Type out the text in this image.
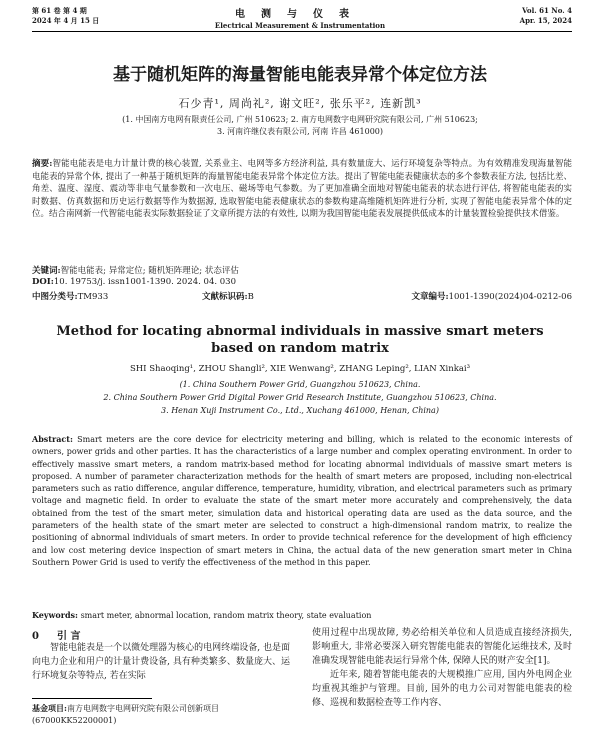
第 61 卷 第 4 期
2024 年 4 月 15 日
电测与仪表
Electrical Measurement & Instrumentation
Vol. 61 No. 4
Apr. 15, 2024
基于随机矩阵的海量智能电能表异常个体定位方法
石少青¹, 周尚礼², 谢文旺², 张乐平², 连新凯³
(1. 中国南方电网有限责任公司, 广州 510623; 2. 南方电网数字电网研究院有限公司, 广州 510623;
3. 河南许继仪表有限公司, 河南 许昌 461000)
摘要:智能电能表是电力计量计费的核心装置, 关系业主、电网等多方经济利益, 具有数量庞大、运行环境复杂等特点。为有效精准发现海量智能电能表的异常个体, 提出了一种基于随机矩阵的海量智能电能表异常个体定位方法。提出了智能电能表健康状态的多个参数表征方法, 包括比差、角差、温度、湿度、震动等非电气量参数和一次电压、磁场等电气参数。为了更加准确全面地对智能电能表的状态进行评估, 将智能电能表的实时数据、仿真数据和历史运行数据等作为数据源, 选取智能电能表健康状态的参数构建高维随机矩阵进行分析, 实现了智能电能表异常个体的定位。结合南网新一代智能电能表实际数据验证了文章所提方法的有效性, 以期为我国智能电能表发展提供低成本的计量装置检验提供技术借鉴。
关键词:智能电能表; 异常定位; 随机矩阵理论; 状态评估
DOI:10. 19753/j. issn1001-1390. 2024. 04. 030
中图分类号:TM933	文献标识码:B	文章编号:1001-1390(2024)04-0212-06
Method for locating abnormal individuals in massive smart meters
based on random matrix
SHI Shaoqing¹, ZHOU Shangli², XIE Wenwang², ZHANG Leping², LIAN Xinkai³
(1. China Southern Power Grid, Guangzhou 510623, China.
2. China Southern Power Grid Digital Power Grid Research Institute, Guangzhou 510623, China.
3. Henan Xuji Instrument Co., Ltd., Xuchang 461000, Henan, China)
Abstract: Smart meters are the core device for electricity metering and billing, which is related to the economic interests of owners, power grids and other parties. It has the characteristics of a large number and complex operating environment. In order to effectively massive smart meters, a random matrix-based method for locating abnormal individuals of massive smart meters is proposed. A number of parameter characterization methods for the health of smart meters are proposed, including non-electrical parameters such as ratio difference, angular difference, temperature, humidity, vibration, and electrical parameters such as primary voltage and magnetic field. In order to evaluate the state of the smart meter more accurately and comprehensively, the data obtained from the test of the smart meter, simulation data and historical operating data are used as the data source, and the parameters of the health state of the smart meter are selected to construct a high-dimensional random matrix, to realize the positioning of abnormal individuals of smart meters. In order to provide technical reference for the development of high efficiency and low cost metering device inspection of smart meters in China, the actual data of the new generation smart meter in China Southern Power Grid is used to verify the effectiveness of the method in this paper.
Keywords: smart meter, abnormal location, random matrix theory, state evaluation
0 引 言
智能电能表是一个以微处理器为核心的电网终端设备, 也是面向电力企业和用户的计量计费设备, 具有种类繁多、数量庞大、运行环境复杂等特点, 若在实际

使用过程中出现故障, 势必给相关单位和人员造成直接经济损失, 影响重大, 非常必要深入研究智能电能表的智能化运维技术, 及时准确发现智能电能表运行异常个体, 保障人民的财产安全[1]。

近年来, 随着智能电能表的大规模推广应用, 国内外电网企业均重视其维护与管理。目前, 国外的电力公司对智能电能表的检修、巡视和数据检查等工作内容、

基金项目:南方电网数字电网研究院有限公司创新项目(67000KK52200001)
